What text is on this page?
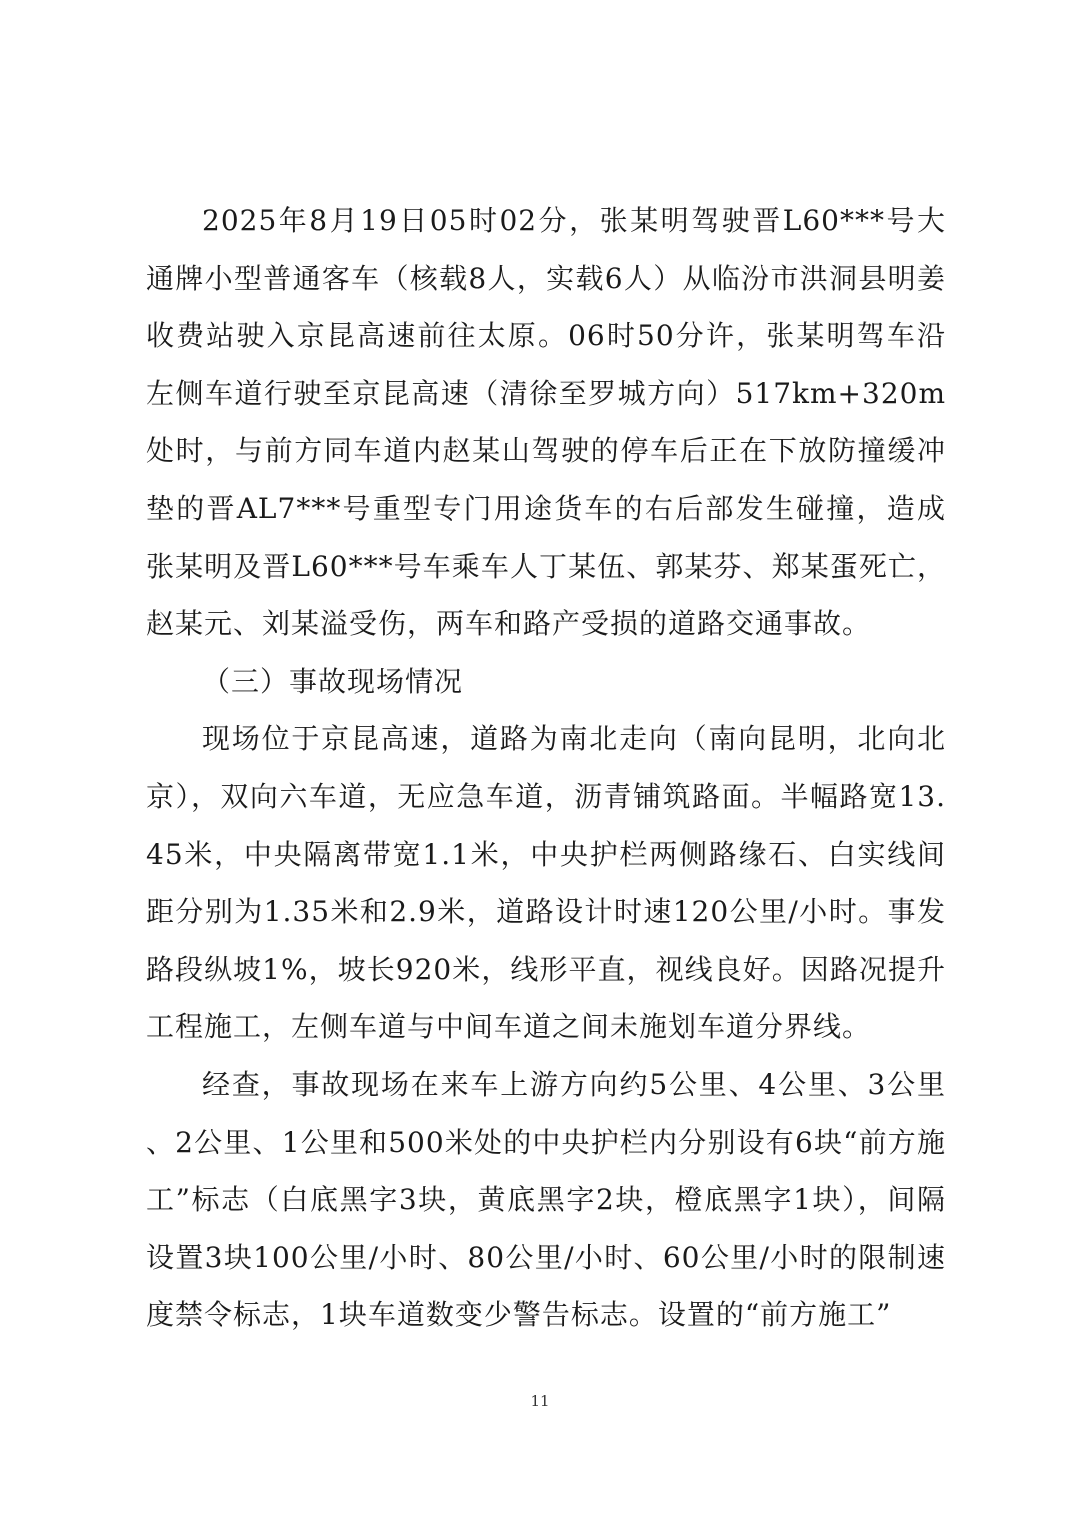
2025年8月19日05时02分，张某明驾驶晋L60***号大通牌小型普通客车（核载8人，实载6人）从临汾市洪洞县明姜收费站驶入京昆高速前往太原。06时50分许，张某明驾车沿左侧车道行驶至京昆高速（清徐至罗城方向）517km+320m处时，与前方同车道内赵某山驾驶的停车后正在下放防撞缓冲垫的晋AL7***号重型专门用途货车的右后部发生碰撞，造成张某明及晋L60***号车乘车人丁某伍、郭某芬、郑某蛋死亡，赵某元、刘某溢受伤，两车和路产受损的道路交通事故。

（三）事故现场情况

现场位于京昆高速，道路为南北走向（南向昆明，北向北京），双向六车道，无应急车道，沥青铺筑路面。半幅路宽13.45米，中央隔离带宽1.1米，中央护栏两侧路缘石、白实线间距分别为1.35米和2.9米，道路设计时速120公里/小时。事发路段纵坡1%，坡长920米，线形平直，视线良好。因路况提升工程施工，左侧车道与中间车道之间未施划车道分界线。

经查，事故现场在来车上游方向约5公里、4公里、3公里、2公里、1公里和500米处的中央护栏内分别设有6块“前方施工”标志（白底黑字3块，黄底黑字2块，橙底黑字1块），间隔设置3块100公里/小时、80公里/小时、60公里/小时的限制速度禁令标志，1块车道数变少警告标志。设置的“前方施工”

11
